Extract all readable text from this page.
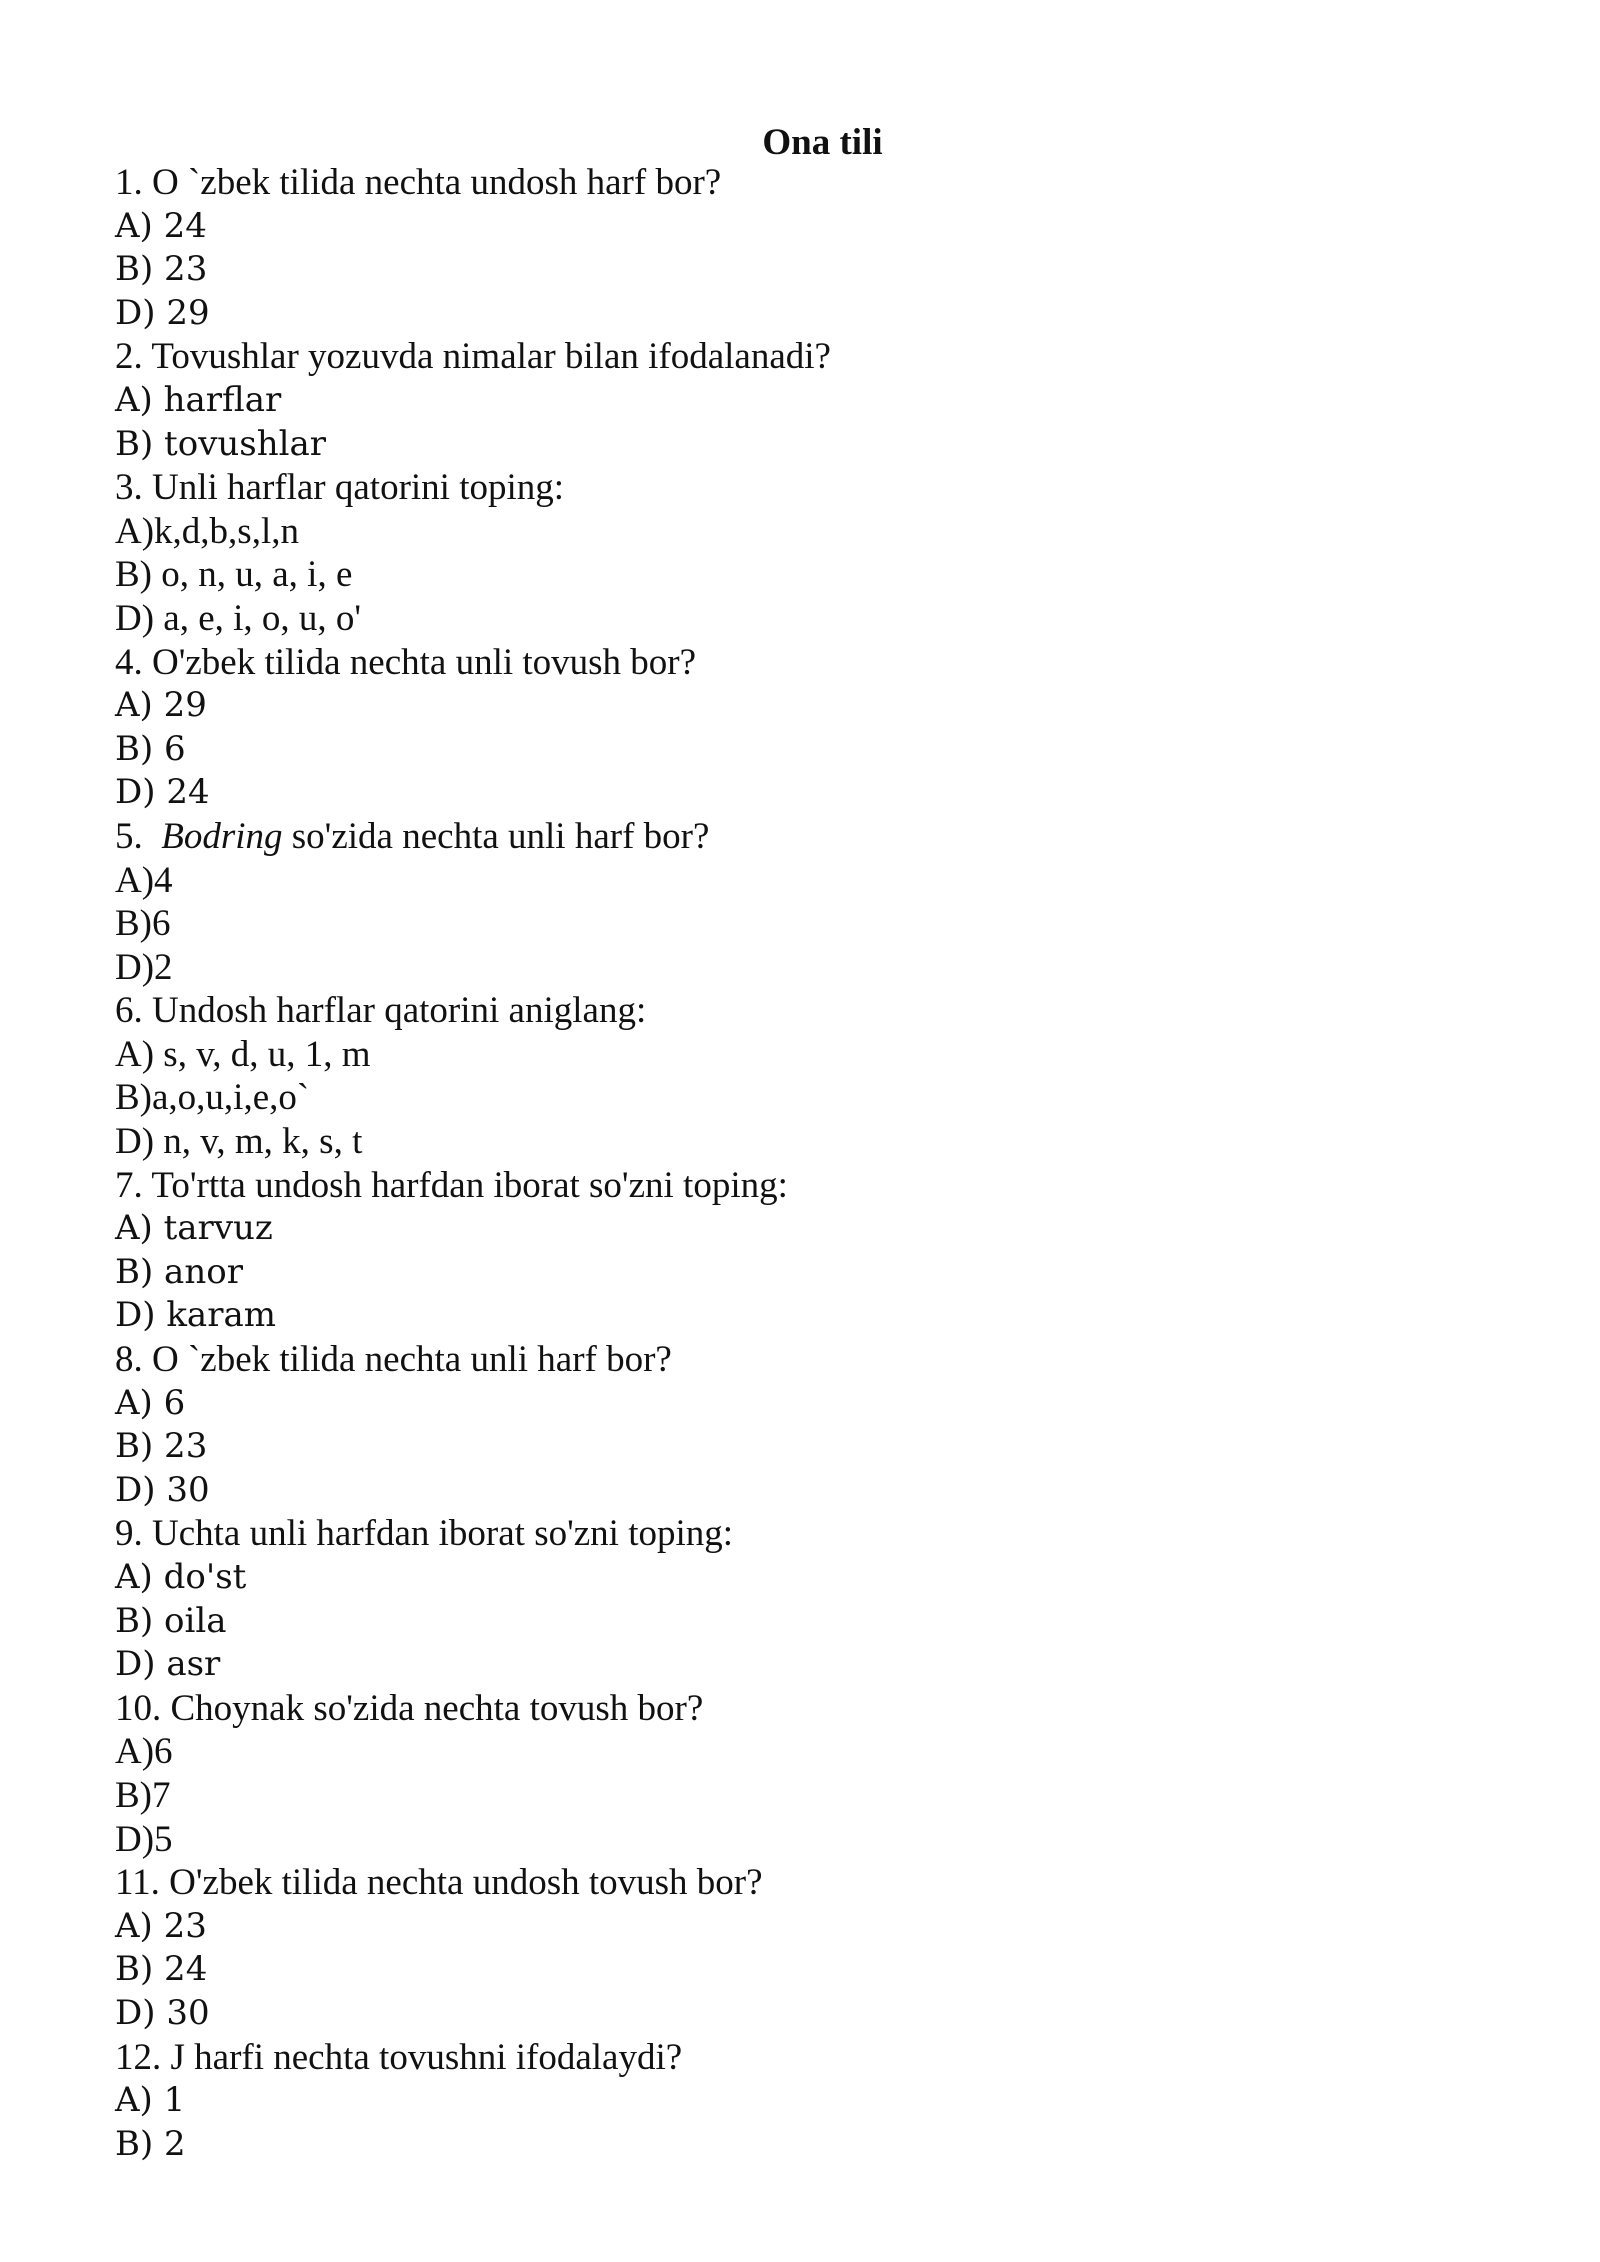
Ona tili
1. O `zbek tilida nechta undosh harf bor?
A) 24
B) 23
D) 29
2. Tovushlar yozuvda nimalar bilan ifodalanadi?
A) harflar
B) tovushlar
3. Unli harflar qatorini toping:
A)k,d,b,s,l,n
B) o, n, u, a, i, e
D) a, e, i, o, u, o'
4. O'zbek tilida nechta unli tovush bor?
A) 29
B) 6
D) 24
5. Bodring so'zida nechta unli harf bor?
A)4
B)6
D)2
6. Undosh harflar qatorini aniglang:
A) s, v, d, u, 1, m
B)a,o,u,i,e,o`
D) n, v, m, k, s, t
7. To'rtta undosh harfdan iborat so'zni toping:
A) tarvuz
B) anor
D) karam
8. O `zbek tilida nechta unli harf bor?
A) 6
B) 23
D) 30
9. Uchta unli harfdan iborat so'zni toping:
A) do'st
B) oila
D) asr
10. Choynak so'zida nechta tovush bor?
A)6
B)7
D)5
11. O'zbek tilida nechta undosh tovush bor?
A) 23
B) 24
D) 30
12. J harfi nechta tovushni ifodalaydi?
A) 1
B) 2
